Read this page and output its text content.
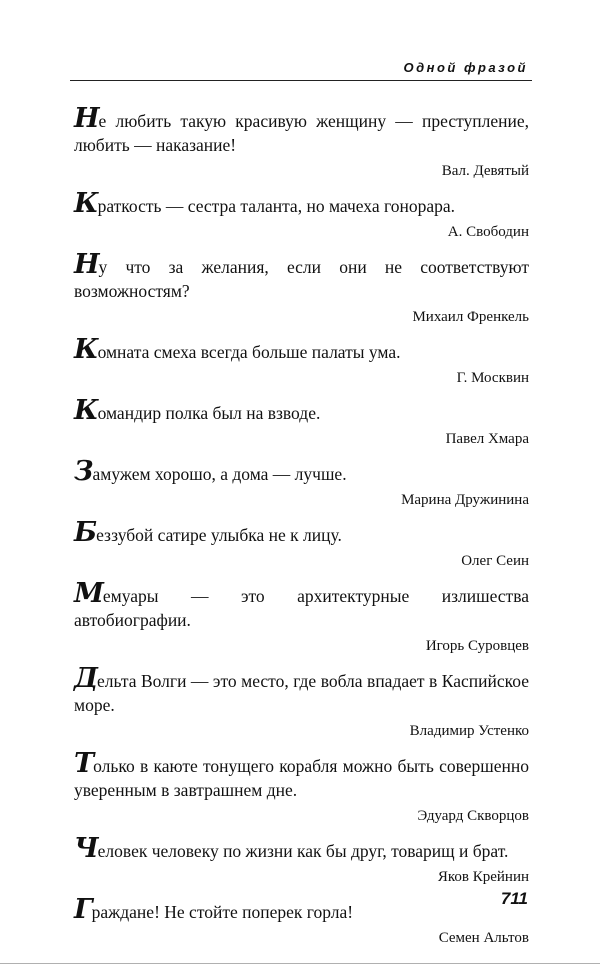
Одной фразой
Не любить такую красивую женщину — преступление, любить — наказание!
Вал. Девятый
Краткость — сестра таланта, но мачеха гонорара.
А. Свободин
Ну что за желания, если они не соответствуют возможностям?
Михаил Френкель
Комната смеха всегда больше палаты ума.
Г. Москвин
Командир полка был на взводе.
Павел Хмара
Замужем хорошо, а дома — лучше.
Марина Дружинина
Беззубой сатире улыбка не к лицу.
Олег Сеин
Мемуары — это архитектурные излишества автобиографии.
Игорь Суровцев
Дельта Волги — это место, где вобла впадает в Каспийское море.
Владимир Устенко
Только в каюте тонущего корабля можно быть совершенно уверенным в завтрашнем дне.
Эдуард Скворцов
Человек человеку по жизни как бы друг, товарищ и брат.
Яков Крейнин
Граждане! Не стойте поперек горла!
Семен Альтов
711
